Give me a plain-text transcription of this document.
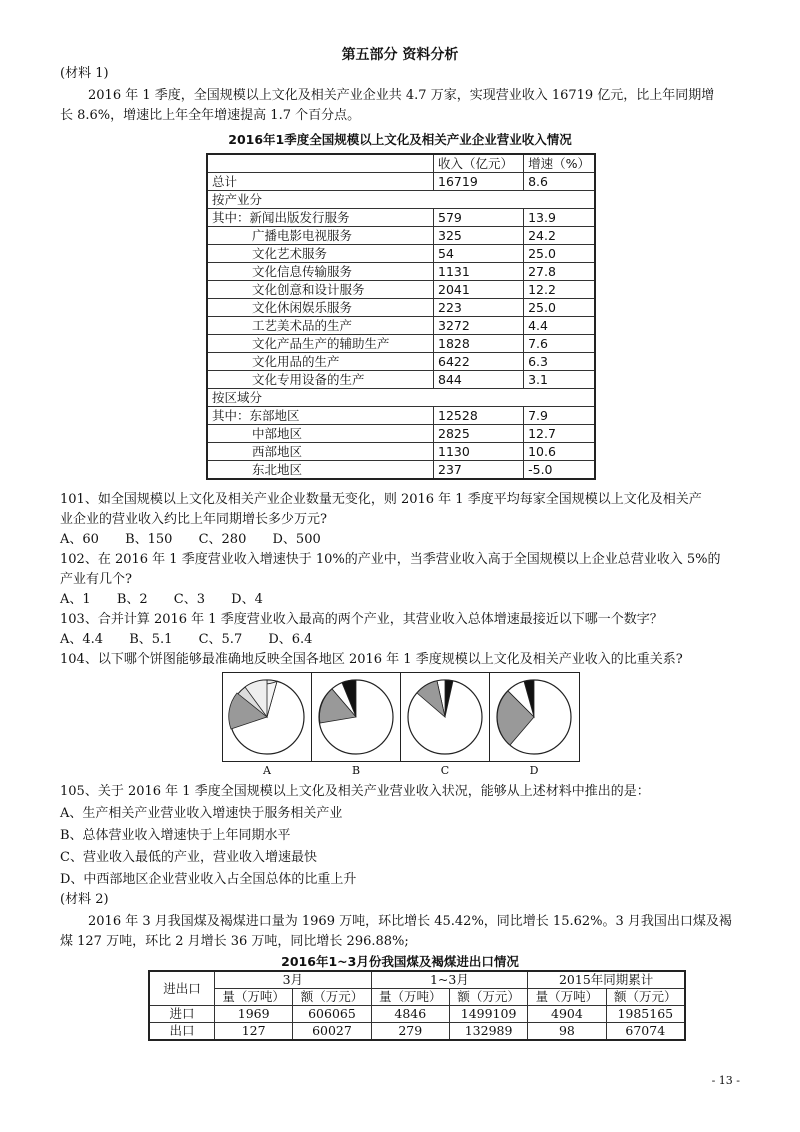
第五部分 资料分析
(材料 1)
2016 年 1 季度，全国规模以上文化及相关产业企业共 4.7 万家，实现营业收入 16719 亿元，比上年同期增
长 8.6%，增速比上年全年增速提高 1.7 个百分点。
2016年1季度全国规模以上文化及相关产业企业营业收入情况
	收入（亿元）	增速（%）
总计	16719	8.6
按产业分		
其中：新闻出版发行服务	579	13.9
广播电影电视服务	325	24.2
文化艺术服务	54	25.0
文化信息传输服务	1131	27.8
文化创意和设计服务	2041	12.2
文化休闲娱乐服务	223	25.0
工艺美术品的生产	3272	4.4
文化产品生产的辅助生产	1828	7.6
文化用品的生产	6422	6.3
文化专用设备的生产	844	3.1
按区域分		
其中：东部地区	12528	7.9
中部地区	2825	12.7
西部地区	1130	10.6
东北地区	237	-5.0
101、如全国规模以上文化及相关产业企业数量无变化，则 2016 年 1 季度平均每家全国规模以上文化及相关产
业企业的营业收入约比上年同期增长多少万元?
A、60 B、150 C、280 D、500
102、在 2016 年 1 季度营业收入增速快于 10%的产业中，当季营业收入高于全国规模以上企业总营业收入 5%的
产业有几个?
A、1 B、2 C、3 D、4
103、合并计算 2016 年 1 季度营业收入最高的两个产业，其营业收入总体增速最接近以下哪一个数字？
A、4.4 B、5.1 C、5.7 D、6.4
104、以下哪个饼图能够最准确地反映全国各地区 2016 年 1 季度规模以上文化及相关产业收入的比重关系?
A	B	C	D
105、关于 2016 年 1 季度全国规模以上文化及相关产业营业收入状况，能够从上述材料中推出的是：
A、生产相关产业营业收入增速快于服务相关产业
B、总体营业收入增速快于上年同期水平
C、营业收入最低的产业，营业收入增速最快
D、中西部地区企业营业收入占全国总体的比重上升
(材料 2)
2016 年 3 月我国煤及褐煤进口量为 1969 万吨，环比增长 45.42%，同比增长 15.62%。3 月我国出口煤及褐
煤 127 万吨，环比 2 月增长 36 万吨，同比增长 296.88%;
2016年1~3月份我国煤及褐煤进出口情况
进出口	3月		1~3月		2015年同期累计	
	量（万吨）	额（万元）	量（万吨）	额（万元）	量（万吨）	额（万元）
进口	1969	606065	4846	1499109	4904	1985165
出口	127	60027	279	132989	98	67074
- 13 -
